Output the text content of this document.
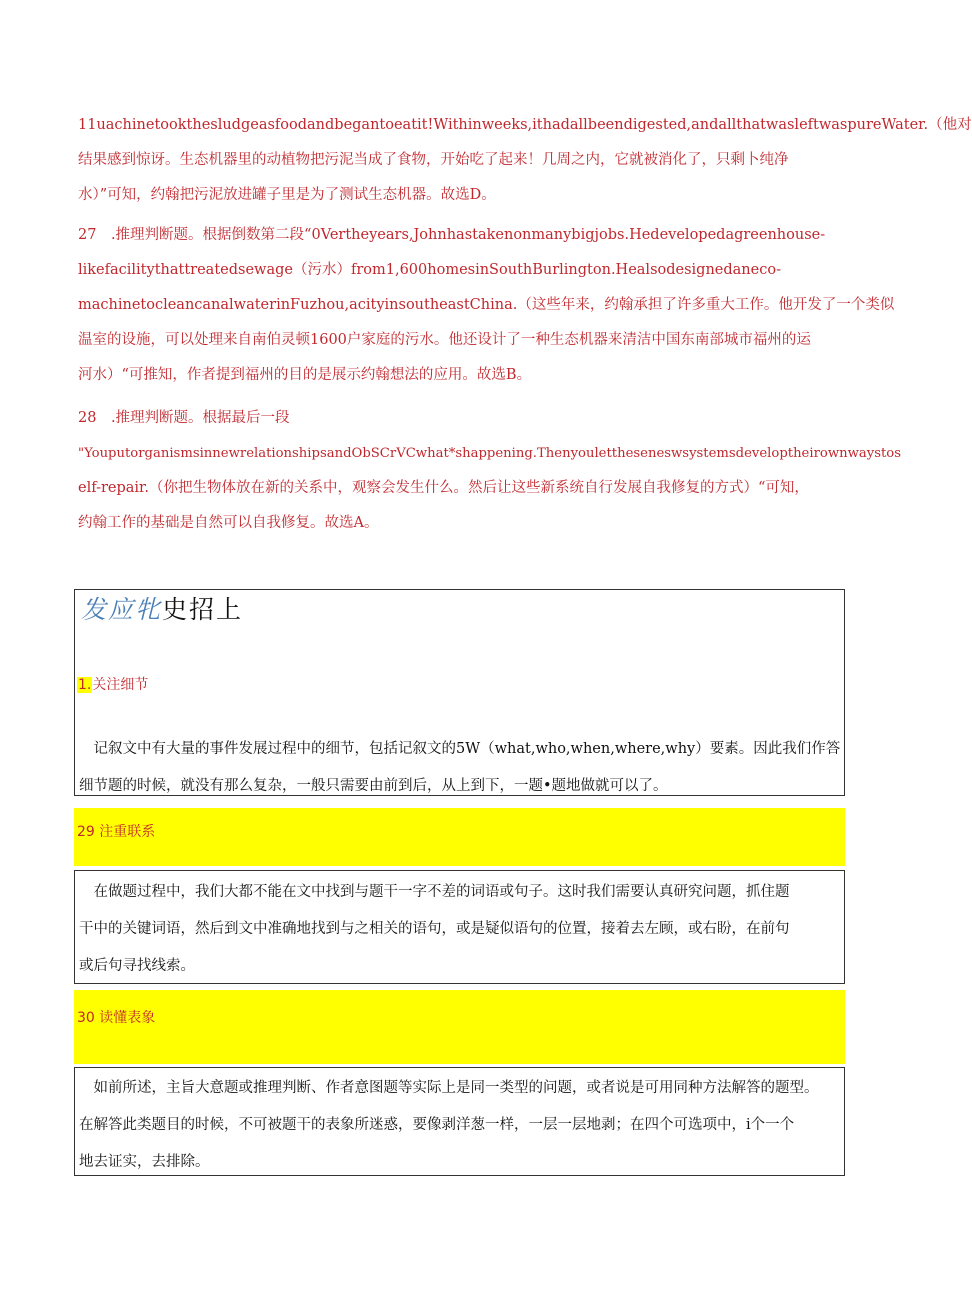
11uachinetookthesludgeasfoodandbegantoeatit!Withinweeks,ithadallbeendigested,andallthatwasleftwaspureWater.（他对
结果感到惊讶。生态机器里的动植物把污泥当成了食物，开始吃了起来！几周之内，它就被消化了，只剩卜纯净
水）”可知，约翰把污泥放进罐子里是为了测试生态机器。故选D。
27　.推理判断题。根据倒数第二段“0Vertheyears,Johnhastakenonmanybigjobs.Hedevelopedagreenhouse-
likefacilitythattreatedsewage（污水）from1,600homesinSouthBurlington.Healsodesignedaneco-
machinetocleancanalwaterinFuzhou,acityinsoutheastChina.（这些年来，约翰承担了许多重大工作。他开发了一个类似
温室的设施，可以处理来自南伯灵顿1600户家庭的污水。他还设计了一种生态机器来清洁中国东南部城市福州的运
河水）“可推知，作者提到福州的目的是展示约翰想法的应用。故选B。
28　.推理判断题。根据最后一段
"YouputorganismsinnewrelationshipsandObSCrVCwhat*shappening.Thenyoulettheseneswsystemsdeveloptheirownwaystos
elf-repair.（你把生物体放在新的关系中，观察会发生什么。然后让这些新系统自行发展自我修复的方式）“可知，
约翰工作的基础是自然可以自我修复。故选A。
发应牝史招上
1.关注细节
　记叙文中有大量的事件发展过程中的细节，包括记叙文的5W（what,who,when,where,why）要素。因此我们作答
细节题的时候，就没有那么复杂，一般只需要由前到后，从上到下，一题•题地做就可以了。
29 注重联系
　在做题过程中，我们大都不能在文中找到与题干一字不差的词语或句子。这时我们需要认真研究问题，抓住题
干中的关键词语，然后到文中准确地找到与之相关的语句，或是疑似语句的位置，接着去左顾，或右盼，在前句
或后句寻找线索。
30 读懂表象
　如前所述，主旨大意题或推理判断、作者意图题等实际上是同一类型的问题，或者说是可用同种方法解答的题型。
在解答此类题目的时候，不可被题干的表象所迷惑，要像剥洋葱一样，一层一层地剥；在四个可选项中，i个一个
地去证实，去排除。
